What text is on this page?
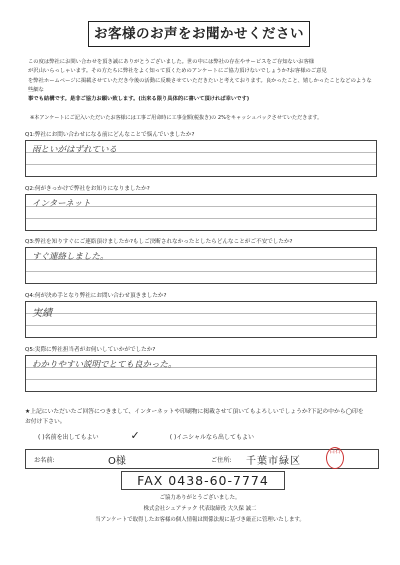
お客様のお声をお聞かせください

この度は弊社にお問い合わせを頂き誠にありがとうございました。世の中には弊社の存在やサービスをご存知ないお客様

が沢山いらっしゃいます。その方たちに弊社をよく知って頂くためのアンケートにご協力頂けないでしょうか?お客様のご意見

を弊社ホームページに掲載させていただき今後の活動に反映させていただきたいと考えております。良かったこと、嬉しかったことなどのような些細な

事でも結構です。是非ご協力お願い致します。(出来る限り具体的に書いて頂ければ幸いです)

※本アンケートにご記入いただいたお客様には工事ご用命時に工事金額(税抜き)の 2%をキャッシュバックさせていただきます。
Q1:弊社にお問い合わせになる前にどんなことで悩んでいましたか?
雨といがはずれている
Q2:何がきっかけで弊社をお知りになりましたか?
インターネット
Q3:弊社を知りすぐにご連絡頂けましたか?もしご決断されなかったとしたらどんなことがご不安でしたか?
すぐ連絡しました。
Q4:何が決め手となり弊社にお問い合わせ頂きましたか?
実績
Q5:実際に弊社担当者がお伺いしていかがでしたか?
わかりやすい説明でとても良かった。
★上記にいただいたご回答につきまして、インターネットや印刷物に掲載させて頂いてもよろしいでしょうか?下記の中から◯印を
お付け下さい。
( )名前を出してもよい	✓	( )イニシャルなら出してもよい
お名前:	O様	ご住所: 千葉市緑区
白石
FAX 0438-60-7774
ご協力ありがとうございました。
株式会社シェアテック 代表取締役 大久保 誠二
当アンケートで取得したお客様の個人情報は関係法規に基づき厳正に管理いたします。
